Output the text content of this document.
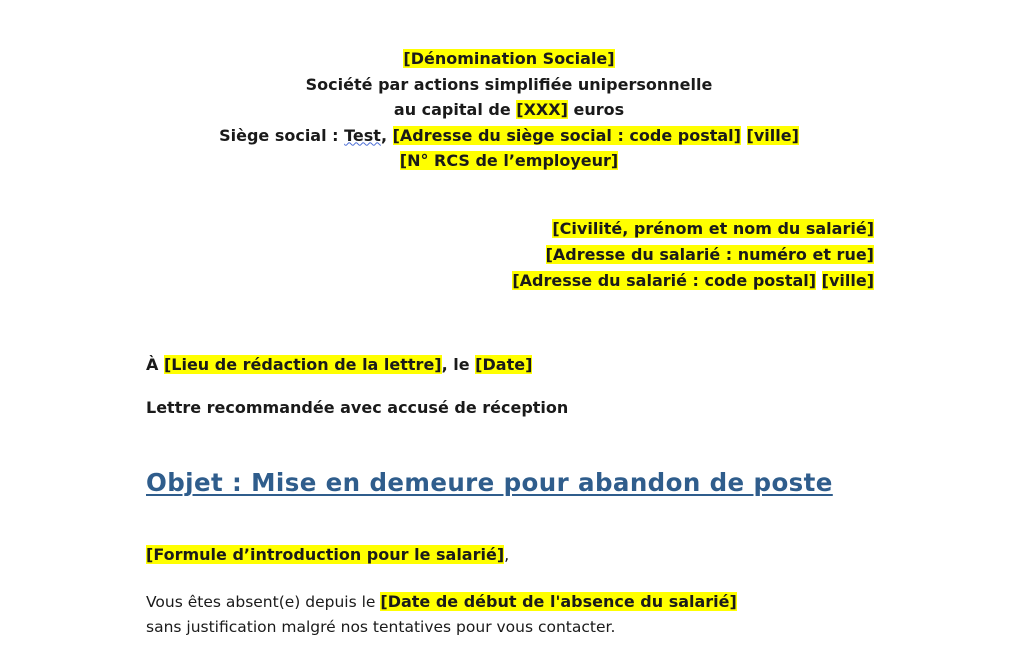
[Dénomination Sociale]
Société par actions simplifiée unipersonnelle
au capital de [XXX] euros
Siège social : Test, [Adresse du siège social : code postal] [ville]
[N° RCS de l’employeur]
[Civilité, prénom et nom du salarié]
[Adresse du salarié : numéro et rue]
[Adresse du salarié : code postal] [ville]
À [Lieu de rédaction de la lettre], le [Date]
Lettre recommandée avec accusé de réception
Objet : Mise en demeure pour abandon de poste
[Formule d’introduction pour le salarié],
Vous êtes absent(e) depuis le [Date de début de l'absence du salarié]
sans justification malgré nos tentatives pour vous contacter.
